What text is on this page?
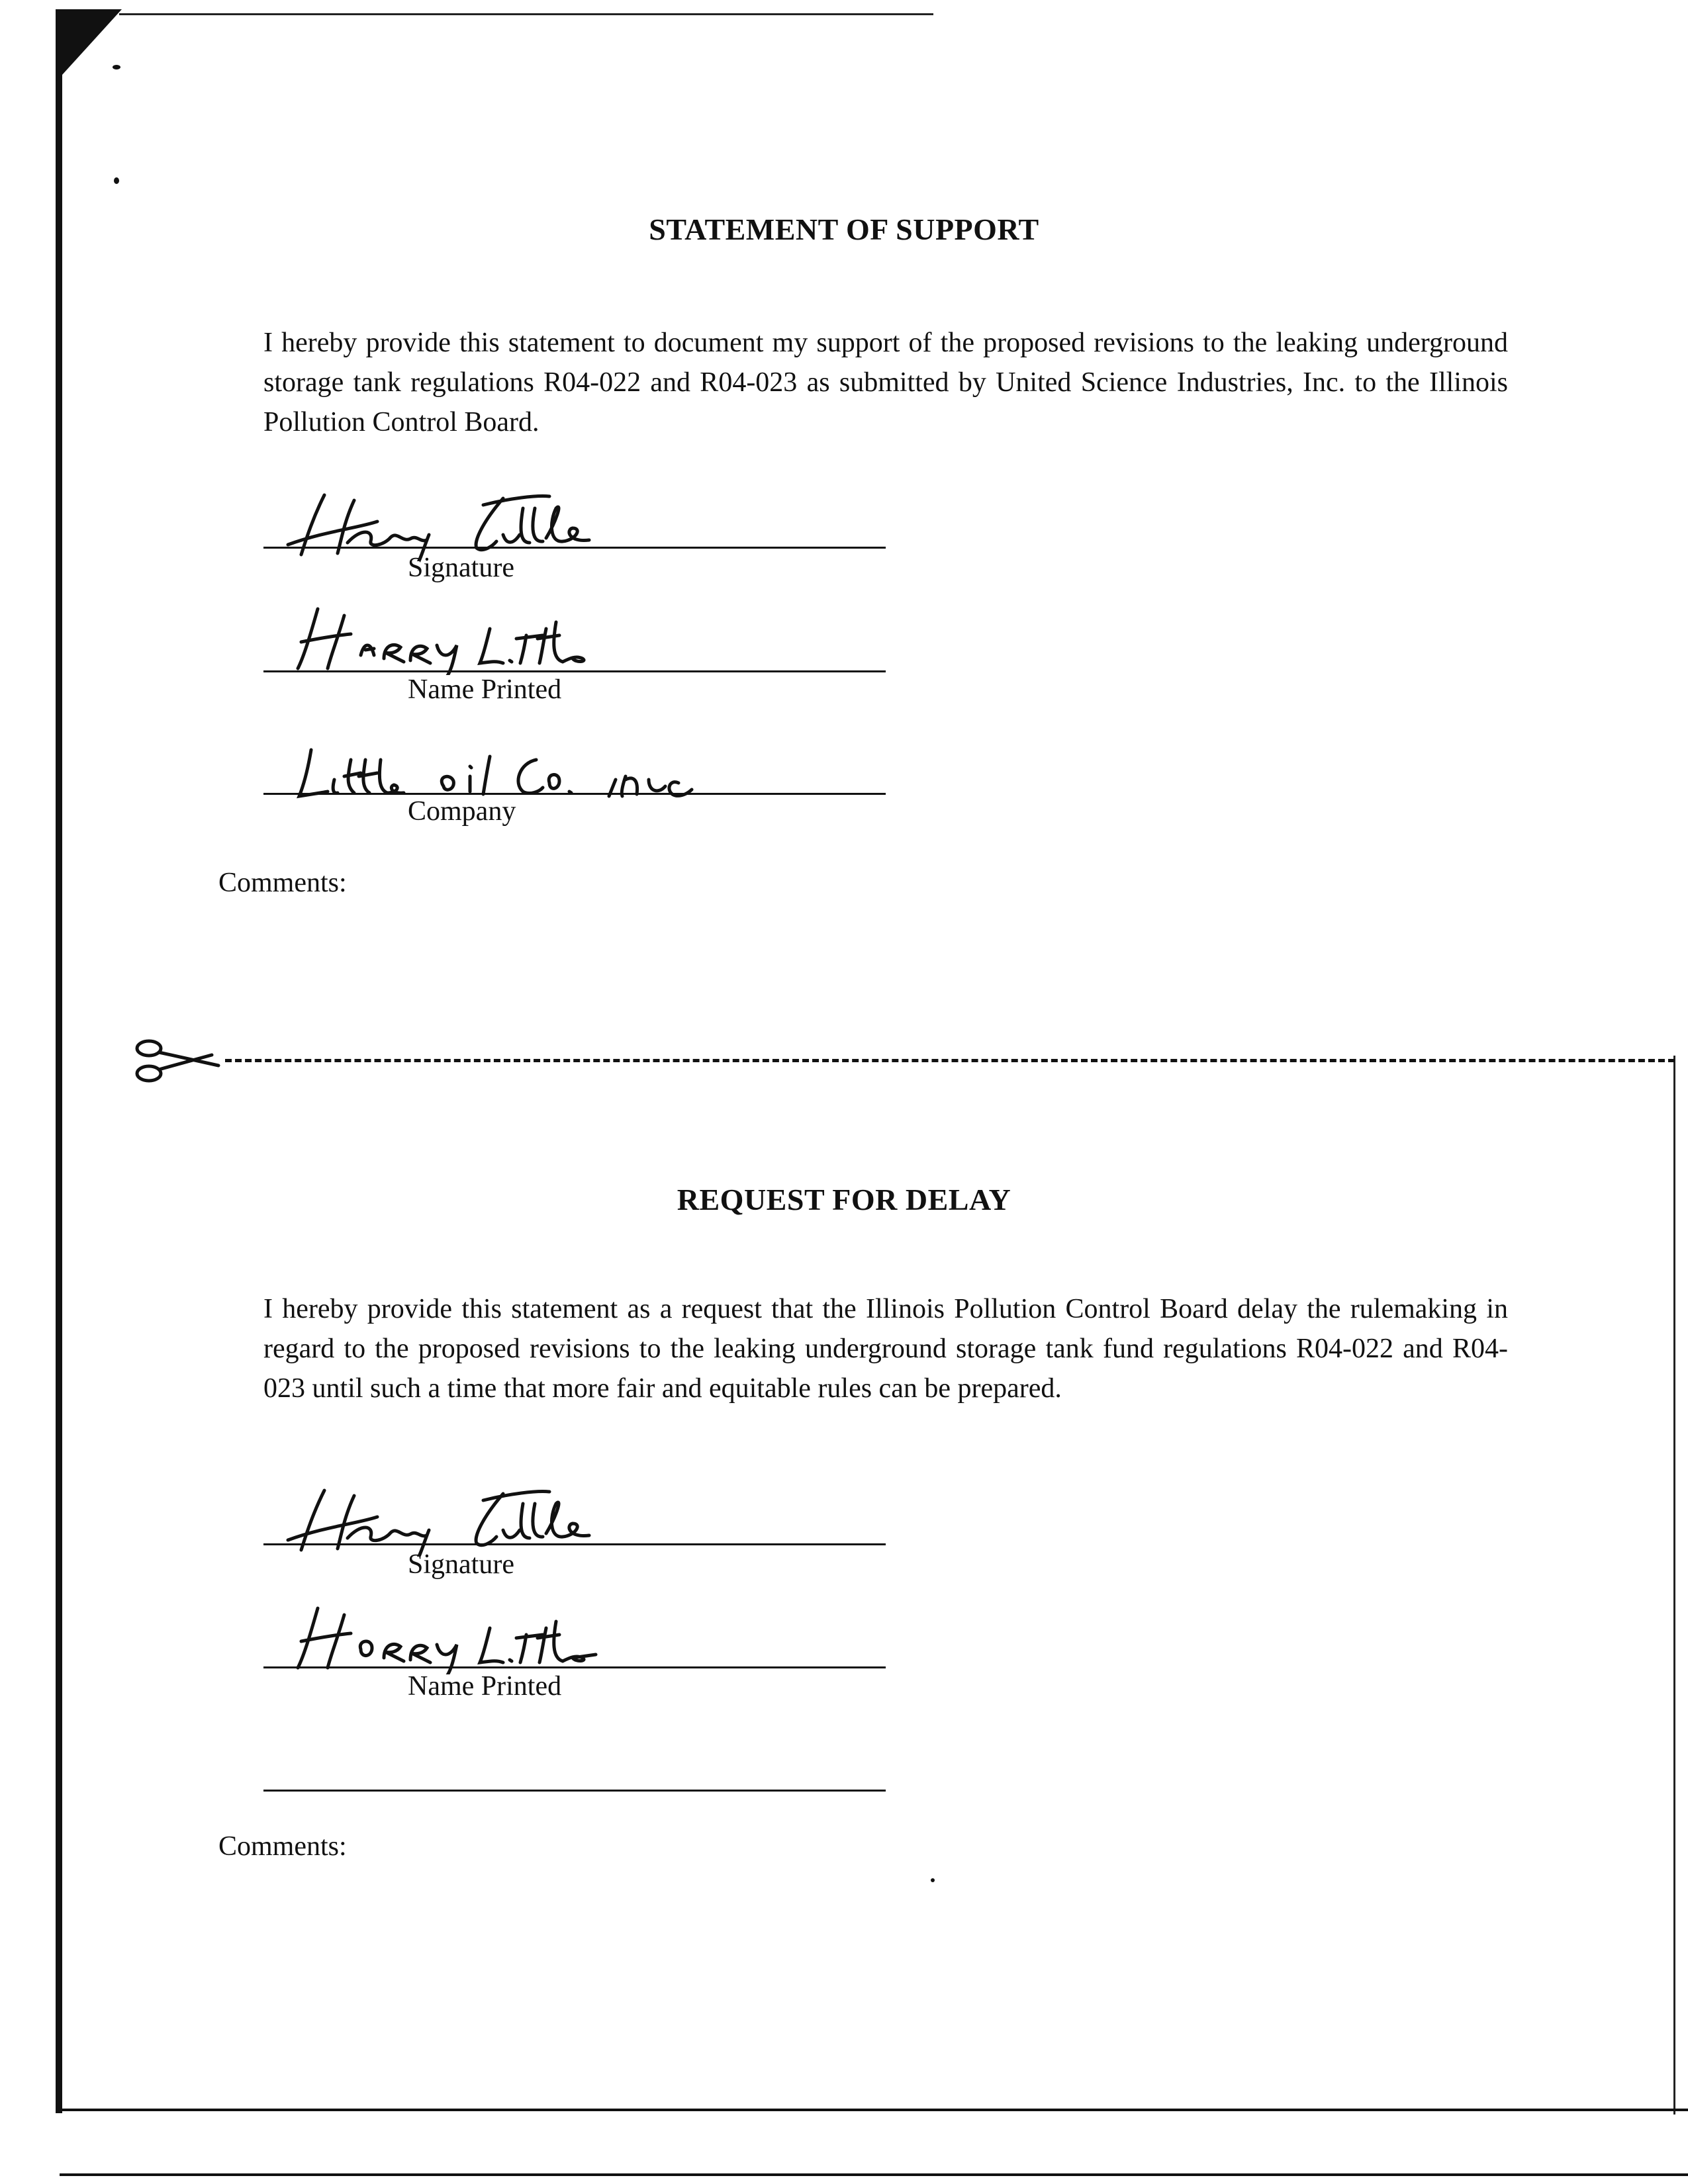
STATEMENT OF SUPPORT
I hereby provide this statement to document my support of the proposed revisions to the leaking underground storage tank regulations R04-022 and R04-023 as submitted by United Science Industries, Inc. to the Illinois Pollution Control Board.
Signature
Name Printed
Company
Comments:
REQUEST FOR DELAY
I hereby provide this statement as a request that the Illinois Pollution Control Board delay the rulemaking in regard to the proposed revisions to the leaking underground storage tank fund regulations R04-022 and R04-023 until such a time that more fair and equitable rules can be prepared.
Signature
Name Printed
Comments:
